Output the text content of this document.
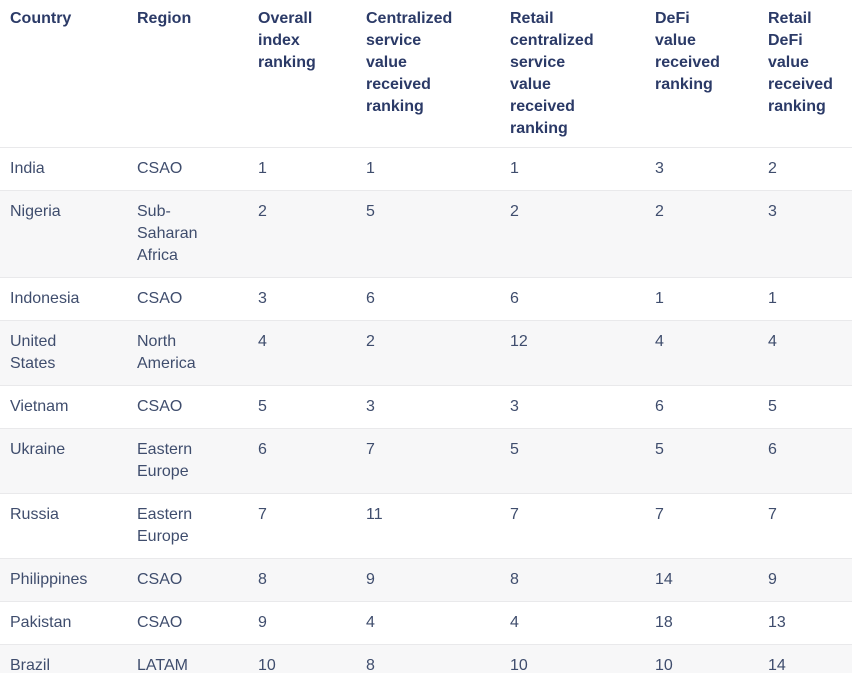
Country	Region	Overall index ranking	Centralized service value received ranking	Retail centralized service value received ranking	DeFi value received ranking	Retail DeFi value received ranking
India	CSAO	1	1	1	3	2
Nigeria	Sub-Saharan Africa	2	5	2	2	3
Indonesia	CSAO	3	6	6	1	1
United States	North America	4	2	12	4	4
Vietnam	CSAO	5	3	3	6	5
Ukraine	Eastern Europe	6	7	5	5	6
Russia	Eastern Europe	7	11	7	7	7
Philippines	CSAO	8	9	8	14	9
Pakistan	CSAO	9	4	4	18	13
Brazil	LATAM	10	8	10	10	14
